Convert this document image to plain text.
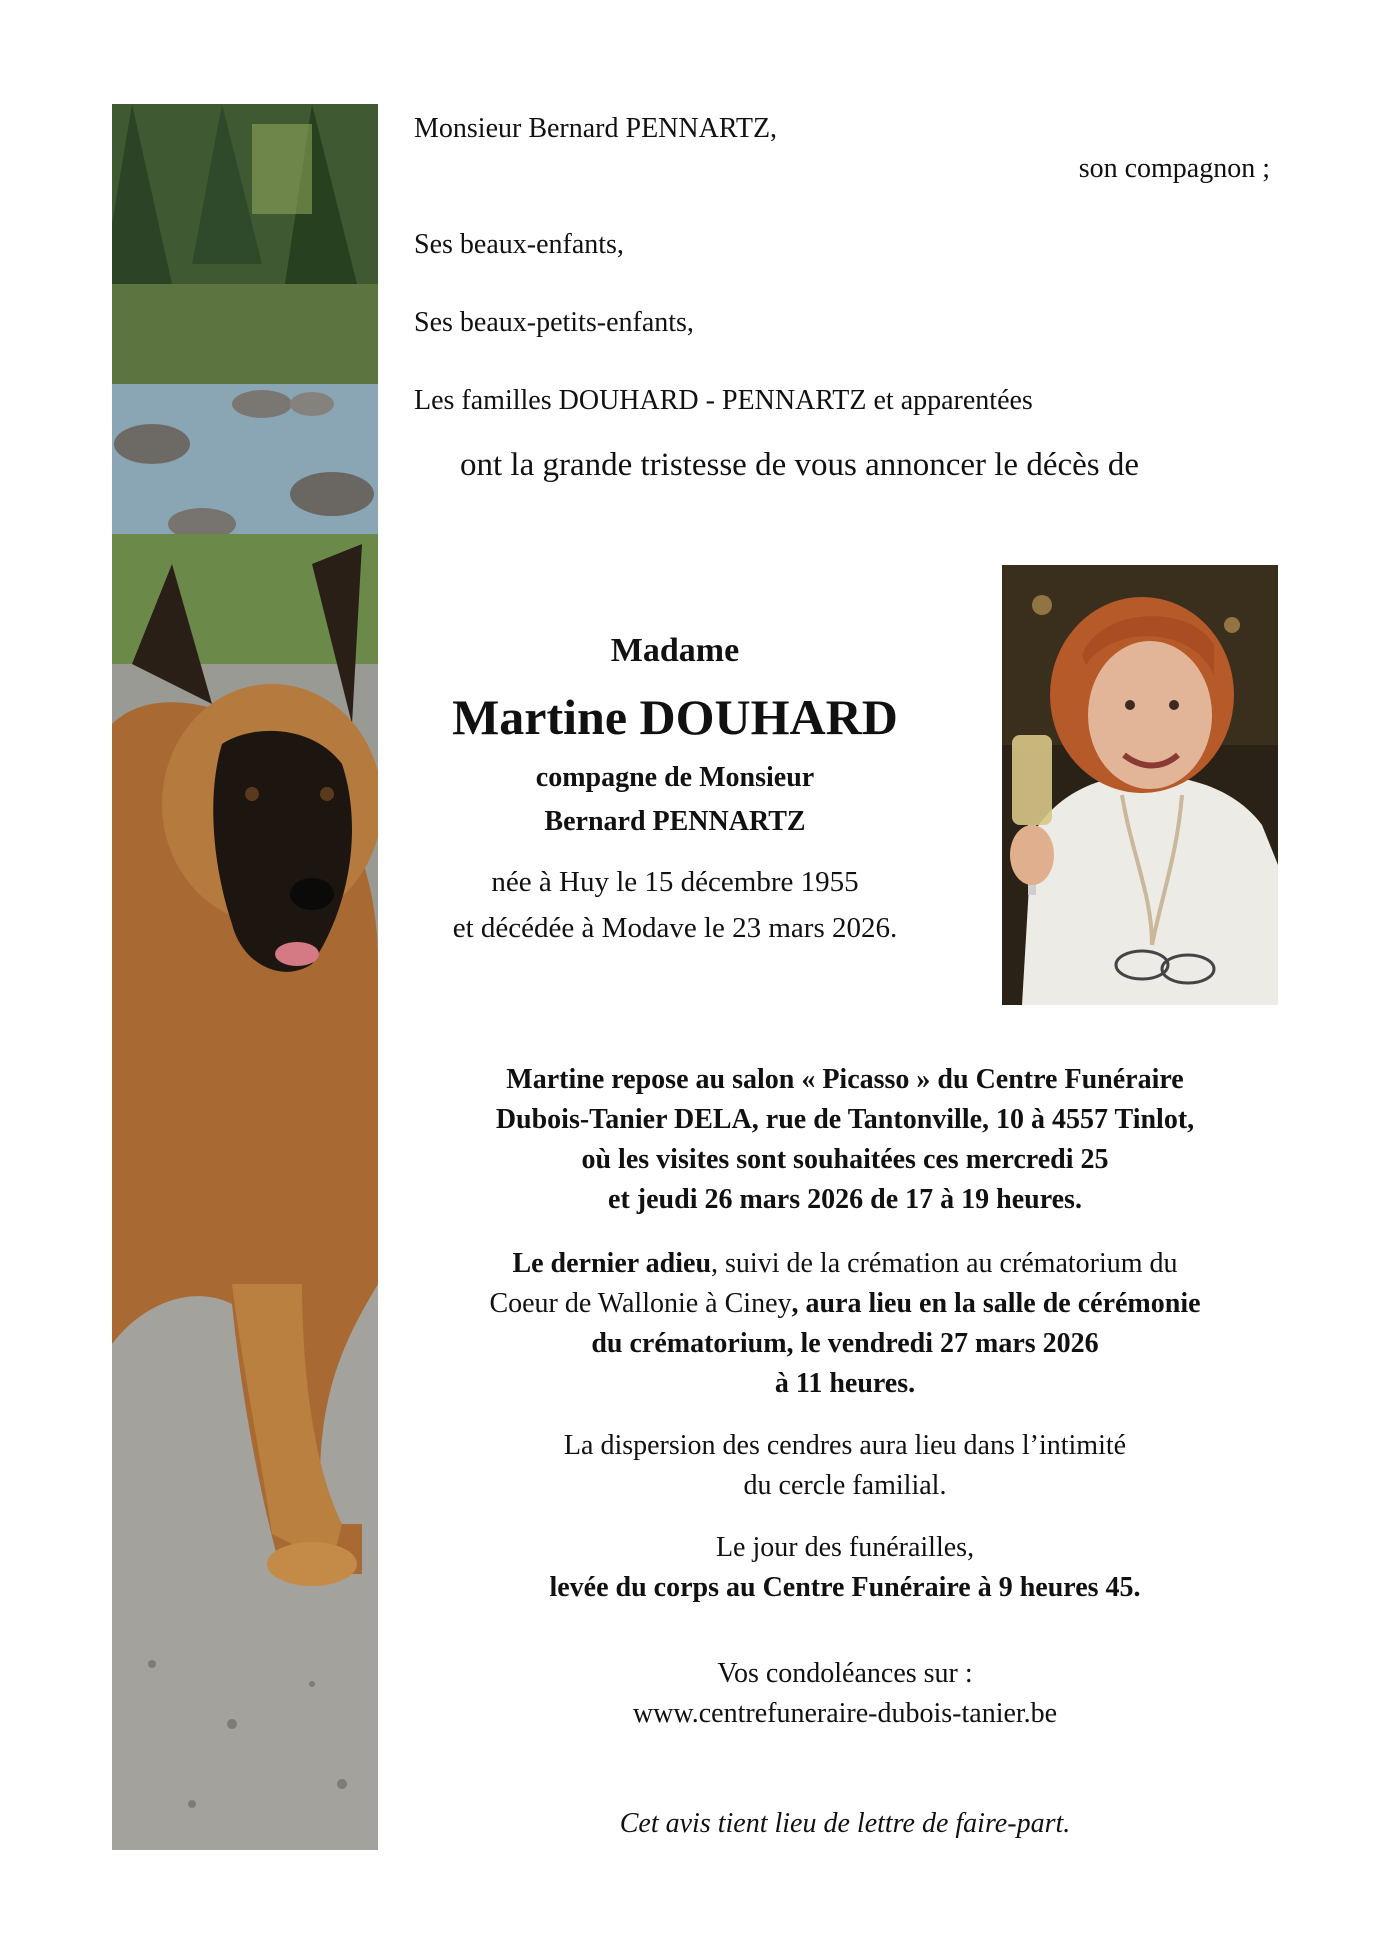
Monsieur Bernard PENNARTZ,
son compagnon ;
Ses beaux-enfants,
Ses beaux-petits-enfants,
Les familles DOUHARD - PENNARTZ et apparentées
ont la grande tristesse de vous annoncer le décès de
Madame
Martine DOUHARD
compagne de Monsieur
Bernard PENNARTZ
née à Huy le 15 décembre 1955
et décédée à Modave le 23 mars 2026.
Martine repose au salon « Picasso » du Centre Funéraire
Dubois-Tanier DELA, rue de Tantonville, 10 à 4557 Tinlot,
où les visites sont souhaitées ces mercredi 25
et jeudi 26 mars 2026 de 17 à 19 heures.
Le dernier adieu, suivi de la crémation au crématorium du
Coeur de Wallonie à Ciney, aura lieu en la salle de cérémonie
du crématorium, le vendredi 27 mars 2026
à 11 heures.
La dispersion des cendres aura lieu dans l’intimité
du cercle familial.
Le jour des funérailles,
levée du corps au Centre Funéraire à 9 heures 45.
Vos condoléances sur :
www.centrefuneraire-dubois-tanier.be
Cet avis tient lieu de lettre de faire-part.
